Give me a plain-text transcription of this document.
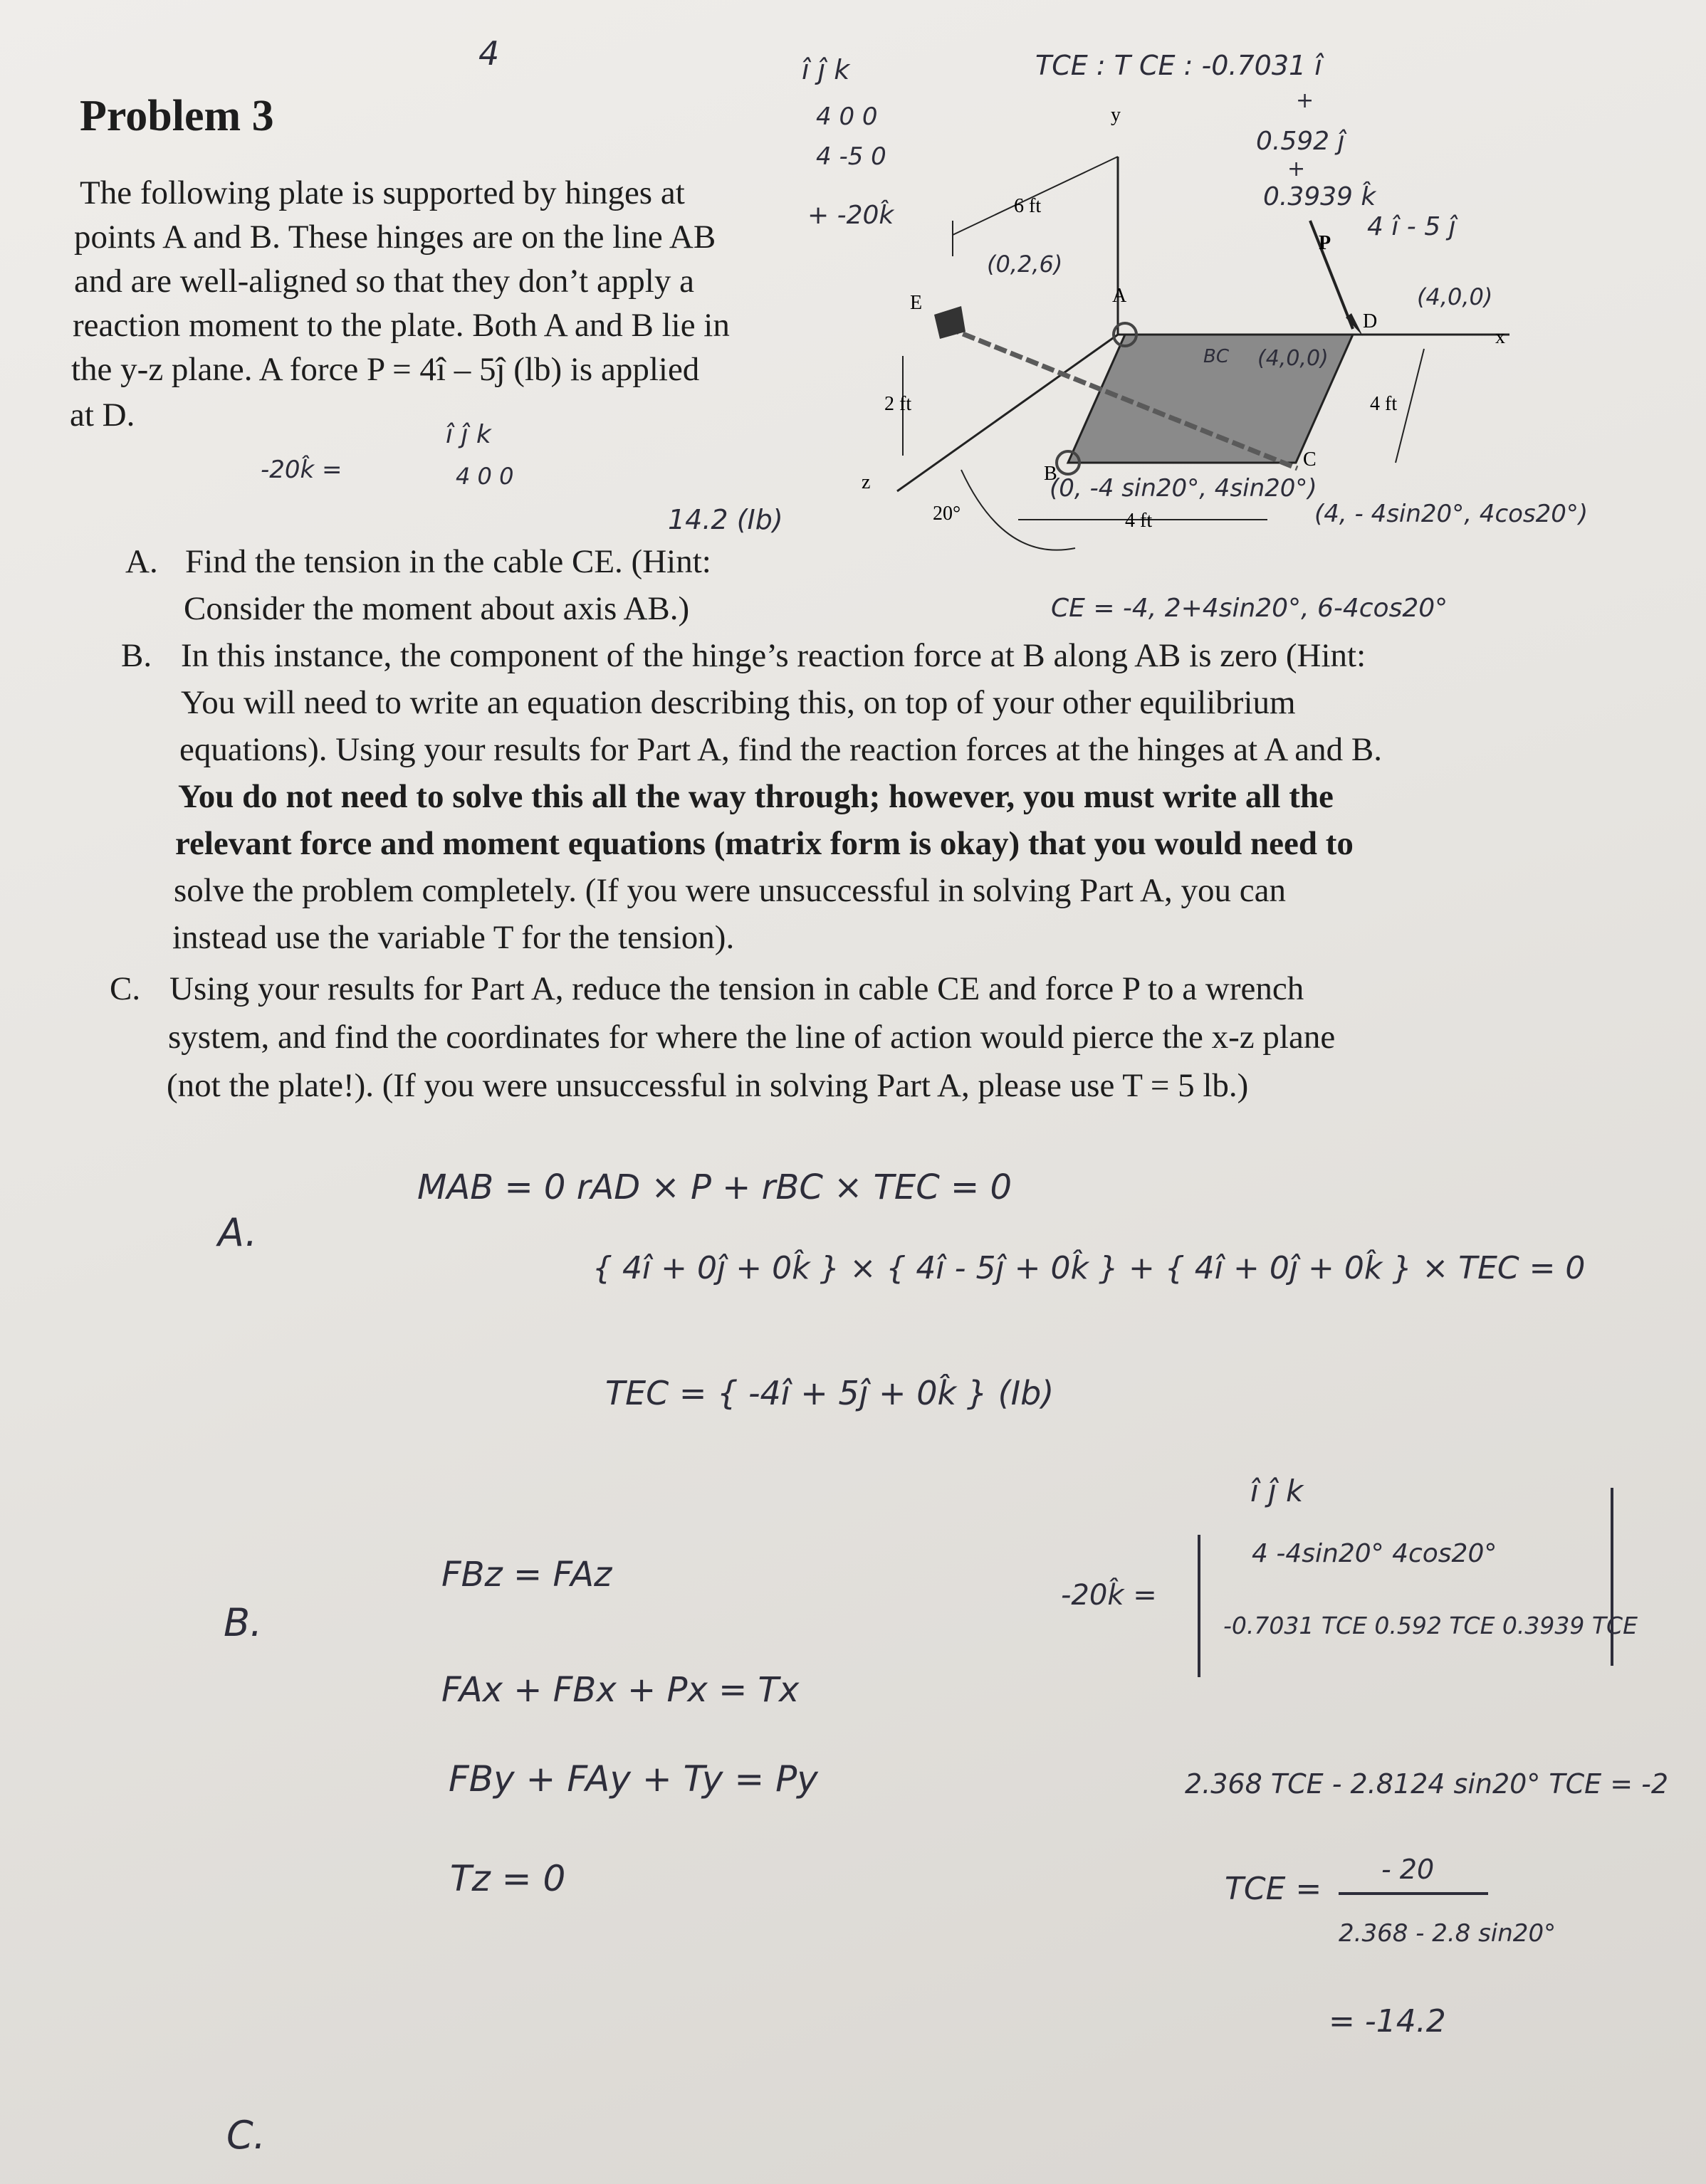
Problem 3
4
The following plate is supported by hinges at
points A and B. These hinges are on the line AB
and are well-aligned so that they don’t apply a
reaction moment to the plate. Both A and B lie in
the y-z plane. A force P = 4î – 5ĵ (lb) is applied
at D.
A. Find the tension in the cable CE. (Hint:
Consider the moment about axis AB.)
B. In this instance, the component of the hinge’s reaction force at B along AB is zero (Hint:
You will need to write an equation describing this, on top of your other equilibrium
equations). Using your results for Part A, find the reaction forces at the hinges at A and B.
You do not need to solve this all the way through; however, you must write all the
relevant force and moment equations (matrix form is okay) that you would need to
solve the problem completely. (If you were unsuccessful in solving Part A, you can
instead use the variable T for the tension).
C. Using your results for Part A, reduce the tension in cable CE and force P to a wrench
system, and find the coordinates for where the line of action would pierce the x-z plane
(not the plate!). (If you were unsuccessful in solving Part A, please use T = 5 lb.)
y
x
z
6 ft
E
2 ft
A
B
C
P
D
4 ft
4 ft
20°
î ĵ k
4 0 0
4 -5 0
+ -20k̂
TCE : T CE : -0.7031 î
+
0.592 ĵ
+
0.3939 k̂
4 î - 5 ĵ
(4,0,0)
(0,2,6)
BC (4,0,0)
(0, -4 sin20°, 4sin20°)
(4, - 4sin20°, 4cos20°)
CE = -4, 2+4sin20°, 6-4cos20°
-20k̂ =
î ĵ k
4 0 0
14.2 (Ib)
A.
MAB = 0 rAD × P + rBC × TEC = 0
{ 4î + 0ĵ + 0k̂ } × { 4î - 5ĵ + 0k̂ } + { 4î + 0ĵ + 0k̂ } × TEC = 0
TEC = { -4î + 5ĵ + 0k̂ } (Ib)
B.
FBz = FAz
FAx + FBx + Px = Tx
FBy + FAy + Ty = Py
Tz = 0
-20k̂ =
î ĵ k
4 -4sin20° 4cos20°
-0.7031 TCE 0.592 TCE 0.3939 TCE
2.368 TCE - 2.8124 sin20° TCE = -2
TCE =
- 20
2.368 - 2.8 sin20°
= -14.2
C.
